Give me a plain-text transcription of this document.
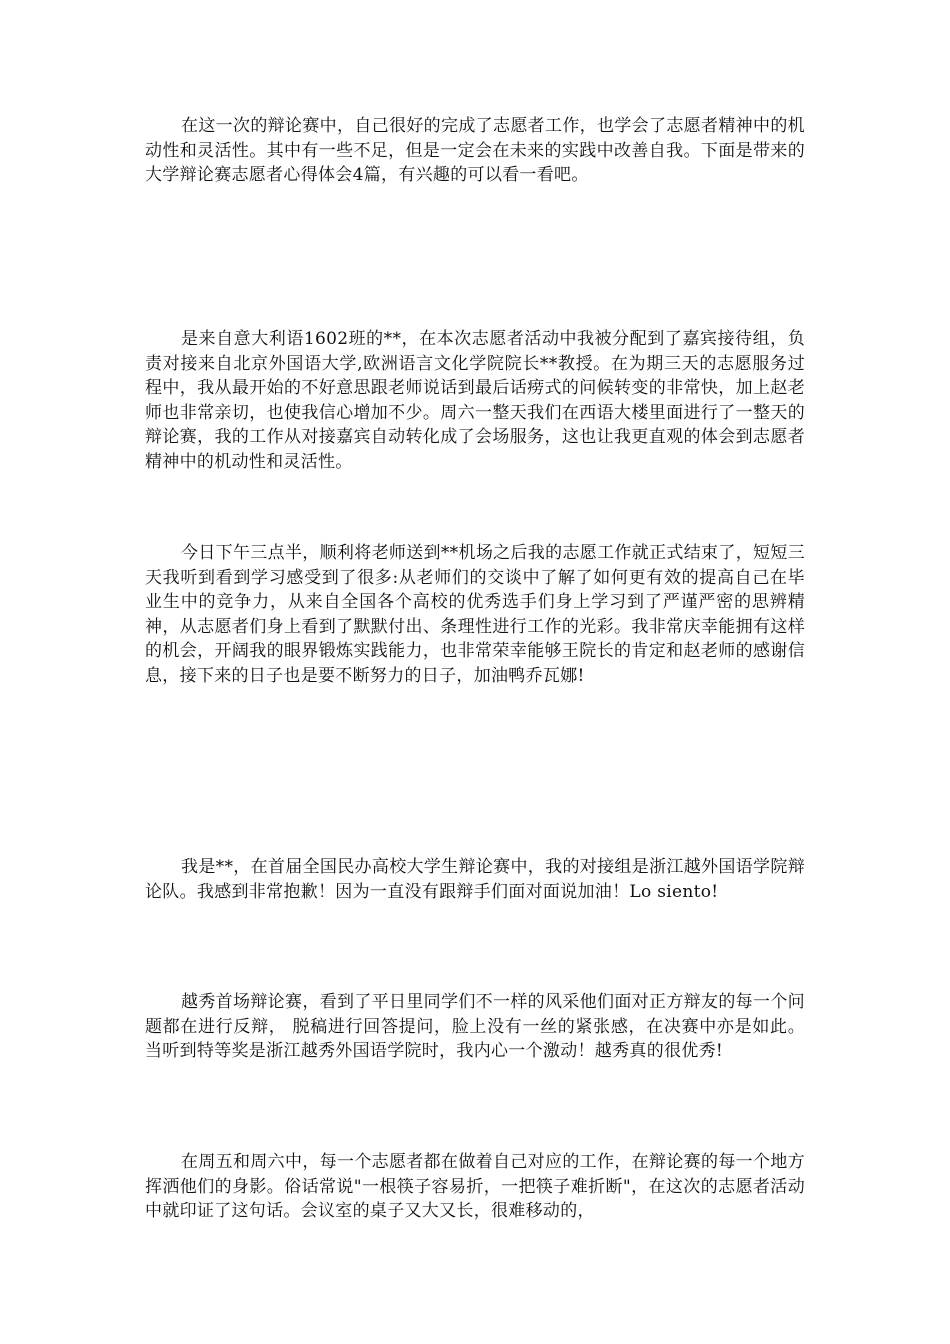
在这一次的辩论赛中，自己很好的完成了志愿者工作，也学会了志愿者精神中的机动性和灵活性。其中有一些不足，但是一定会在未来的实践中改善自我。下面是带来的大学辩论赛志愿者心得体会4篇，有兴趣的可以看一看吧。

是来自意大利语1602班的**，在本次志愿者活动中我被分配到了嘉宾接待组，负责对接来自北京外国语大学,欧洲语言文化学院院长**教授。在为期三天的志愿服务过程中，我从最开始的不好意思跟老师说话到最后话痨式的问候转变的非常快，加上赵老师也非常亲切，也使我信心增加不少。周六一整天我们在西语大楼里面进行了一整天的辩论赛，我的工作从对接嘉宾自动转化成了会场服务，这也让我更直观的体会到志愿者精神中的机动性和灵活性。

今日下午三点半，顺利将老师送到**机场之后我的志愿工作就正式结束了，短短三天我听到看到学习感受到了很多:从老师们的交谈中了解了如何更有效的提高自己在毕业生中的竞争力，从来自全国各个高校的优秀选手们身上学习到了严谨严密的思辨精神，从志愿者们身上看到了默默付出、条理性进行工作的光彩。我非常庆幸能拥有这样的机会，开阔我的眼界锻炼实践能力，也非常荣幸能够王院长的肯定和赵老师的感谢信息，接下来的日子也是要不断努力的日子，加油鸭乔瓦娜!

我是**，在首届全国民办高校大学生辩论赛中，我的对接组是浙江越外国语学院辩论队。我感到非常抱歉！因为一直没有跟辩手们面对面说加油！Lo siento!

越秀首场辩论赛，看到了平日里同学们不一样的风采他们面对正方辩友的每一个问题都在进行反辩， 脱稿进行回答提问，脸上没有一丝的紧张感，在决赛中亦是如此。当听到特等奖是浙江越秀外国语学院时，我内心一个激动！越秀真的很优秀!

在周五和周六中，每一个志愿者都在做着自己对应的工作，在辩论赛的每一个地方挥洒他们的身影。俗话常说"一根筷子容易折，一把筷子难折断"，在这次的志愿者活动中就印证了这句话。会议室的桌子又大又长，很难移动的，
